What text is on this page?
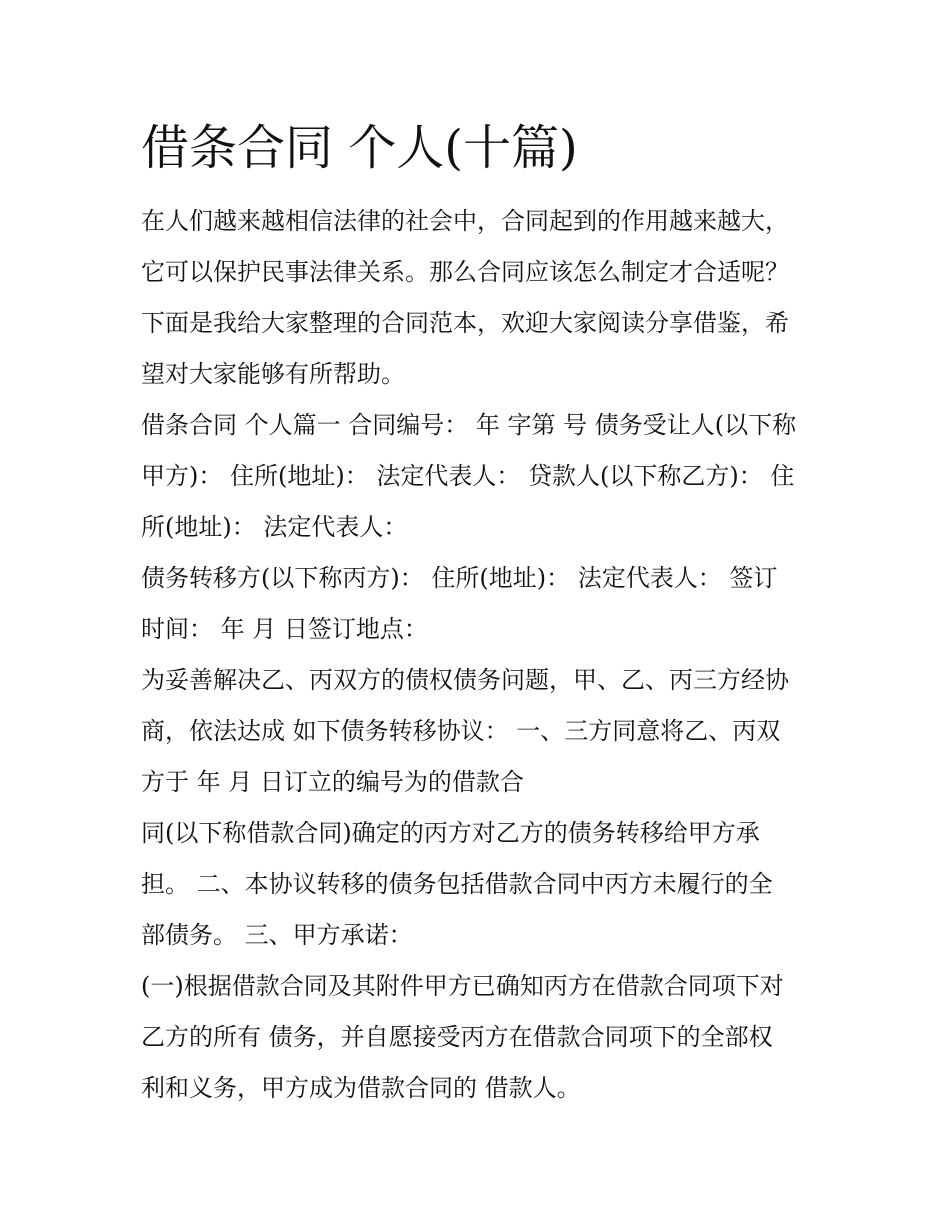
借条合同 个人(十篇)
在人们越来越相信法律的社会中，合同起到的作用越来越大，
它可以保护民事法律关系。那么合同应该怎么制定才合适呢？
下面是我给大家整理的合同范本，欢迎大家阅读分享借鉴，希
望对大家能够有所帮助。
借条合同 个人篇一 合同编号： 年 字第 号 债务受让人(以下称
甲方)： 住所(地址)： 法定代表人： 贷款人(以下称乙方)： 住
所(地址)： 法定代表人：
债务转移方(以下称丙方)： 住所(地址)： 法定代表人： 签订
时间： 年 月 日签订地点：
为妥善解决乙、丙双方的债权债务问题，甲、乙、丙三方经协
商，依法达成 如下债务转移协议： 一、三方同意将乙、丙双
方于 年 月 日订立的编号为的借款合
同(以下称借款合同)确定的丙方对乙方的债务转移给甲方承
担。 二、本协议转移的债务包括借款合同中丙方未履行的全
部债务。 三、甲方承诺：
(一)根据借款合同及其附件甲方已确知丙方在借款合同项下对
乙方的所有 债务，并自愿接受丙方在借款合同项下的全部权
利和义务，甲方成为借款合同的 借款人。
